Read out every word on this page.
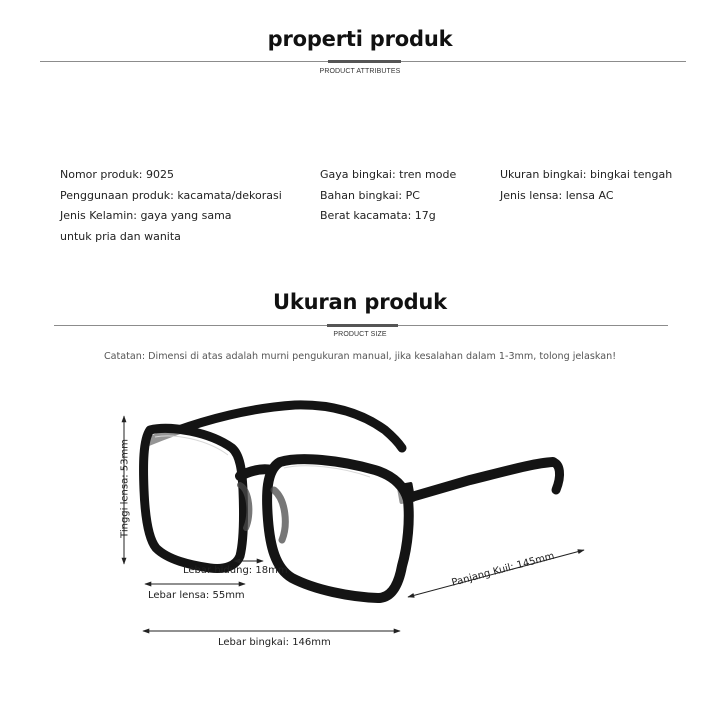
properti produk
PRODUCT ATTRIBUTES
Nomor produk: 9025
Penggunaan produk: kacamata/dekorasi
Jenis Kelamin: gaya yang sama
untuk pria dan wanita
Gaya bingkai: tren mode
Bahan bingkai: PC
Berat kacamata: 17g
Ukuran bingkai: bingkai tengah
Jenis lensa: lensa AC
Ukuran produk
PRODUCT SIZE
Catatan: Dimensi di atas adalah murni pengukuran manual, jika kesalahan dalam 1-3mm, tolong jelaskan!
Tinggi lensa: 53mm
Lebar hidung: 18mm
Lebar lensa: 55mm
Lebar bingkai: 146mm
Panjang Kuil: 145mm
